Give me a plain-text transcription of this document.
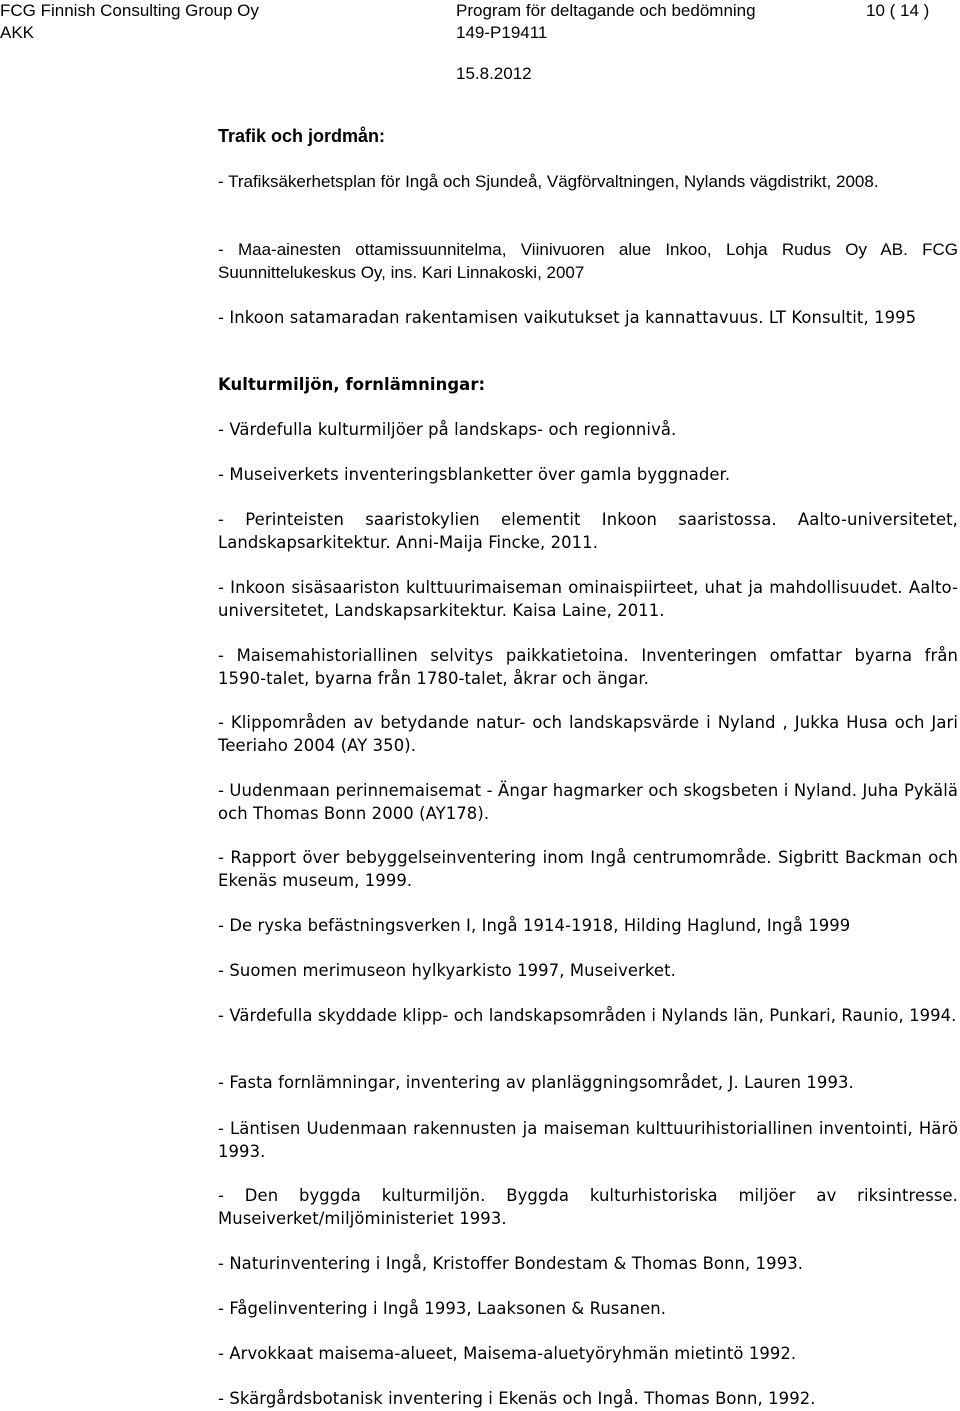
FCG Finnish Consulting Group Oy
AKK
Program för deltagande och bedömning
149-P19411
10 ( 14 )
15.8.2012

Trafik och jordmån:

- Trafiksäkerhetsplan för Ingå och Sjundeå, Vägförvaltningen, Nylands vägdistrikt, 2008.

- Maa-ainesten ottamissuunnitelma, Viinivuoren alue Inkoo, Lohja Rudus Oy AB. FCG Suunnittelukeskus Oy, ins. Kari Linnakoski, 2007

- Inkoon satamaradan rakentamisen vaikutukset ja kannattavuus. LT Konsultit, 1995

Kulturmiljön, fornlämningar:

- Värdefulla kulturmiljöer på landskaps- och regionnivå.

- Museiverkets inventeringsblanketter över gamla byggnader.

- Perinteisten saaristokylien elementit Inkoon saaristossa. Aalto-universitetet, Landskapsarkitektur. Anni-Maija Fincke, 2011.

- Inkoon sisäsaariston kulttuurimaiseman ominaispiirteet, uhat ja mahdollisuudet. Aalto-universitetet, Landskapsarkitektur. Kaisa Laine, 2011.

- Maisemahistoriallinen selvitys paikkatietoina. Inventeringen omfattar byarna från 1590-talet, byarna från 1780-talet, åkrar och ängar.

- Klippområden av betydande natur- och landskapsvärde i Nyland , Jukka Husa och Jari Teeriaho 2004 (AY 350).

- Uudenmaan perinnemaisemat - Ängar hagmarker och skogsbeten i Nyland. Juha Pykälä och Thomas Bonn 2000 (AY178).

- Rapport över bebyggelseinventering inom Ingå centrumområde. Sigbritt Backman och Ekenäs museum, 1999.

- De ryska befästningsverken I, Ingå 1914-1918, Hilding Haglund, Ingå 1999

- Suomen merimuseon hylkyarkisto 1997, Museiverket.

- Värdefulla skyddade klipp- och landskapsområden i Nylands län, Punkari, Raunio, 1994.

- Fasta fornlämningar, inventering av planläggningsområdet, J. Lauren 1993.

- Läntisen Uudenmaan rakennusten ja maiseman kulttuurihistoriallinen inventointi, Härö 1993.

- Den byggda kulturmiljön. Byggda kulturhistoriska miljöer av riksintresse. Museiverket/miljöministeriet 1993.

- Naturinventering i Ingå, Kristoffer Bondestam & Thomas Bonn, 1993.

- Fågelinventering i Ingå 1993, Laaksonen & Rusanen.

- Arvokkaat maisema-alueet, Maisema-aluetyöryhmän mietintö 1992.

- Skärgårdsbotanisk inventering i Ekenäs och Ingå. Thomas Bonn, 1992.
